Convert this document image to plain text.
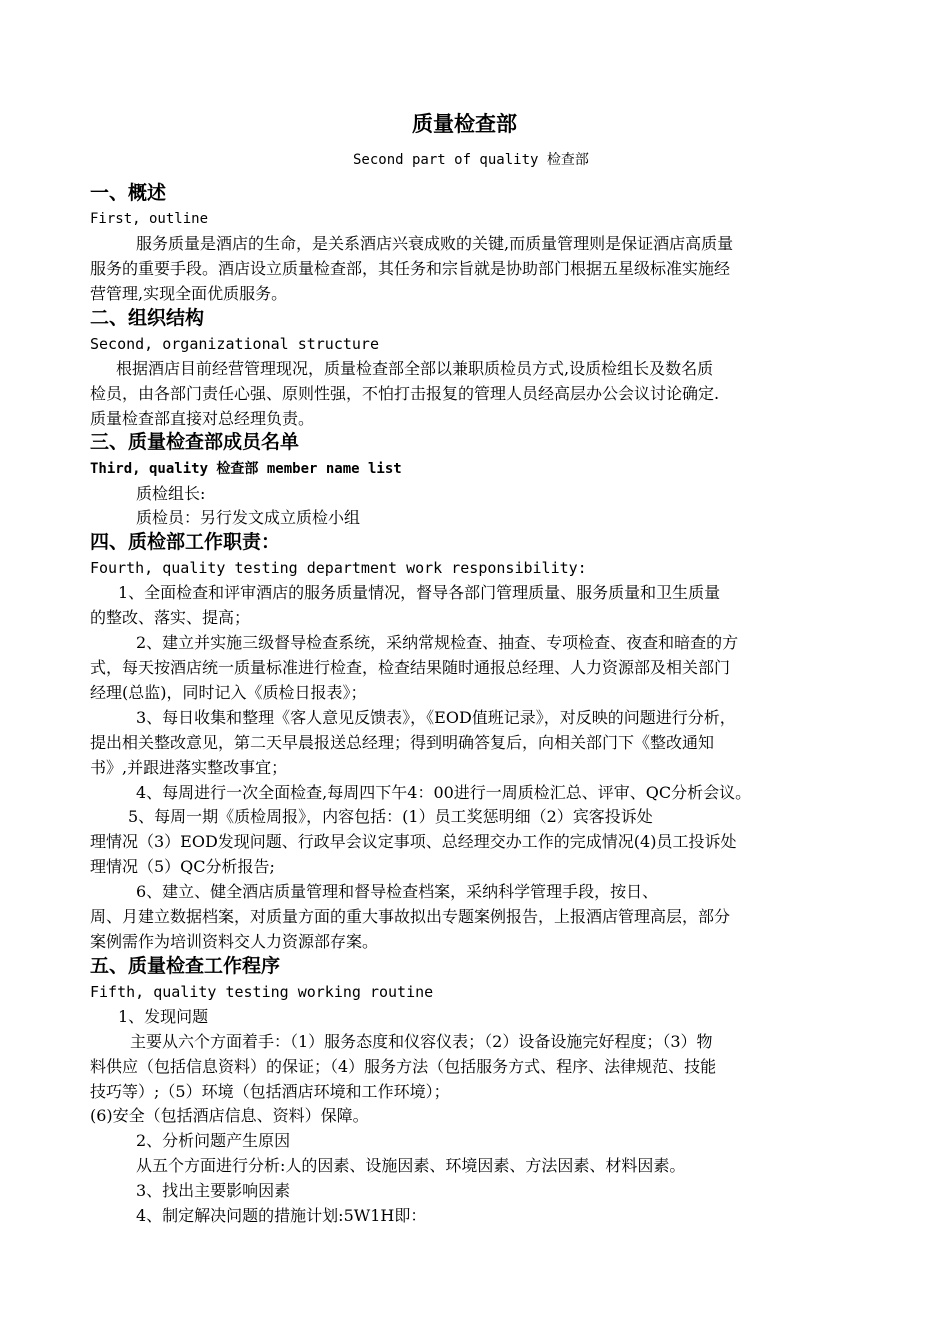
质量检查部
Second part of quality 检查部
一、概述
First, outline
服务质量是酒店的生命，是关系酒店兴衰成败的关键,而质量管理则是保证酒店高质量
服务的重要手段。酒店设立质量检查部，其任务和宗旨就是协助部门根据五星级标准实施经
营管理,实现全面优质服务。
二、组织结构
Second, organizational structure
根据酒店目前经营管理现况，质量检查部全部以兼职质检员方式,设质检组长及数名质
检员，由各部门责任心强、原则性强，不怕打击报复的管理人员经高层办公会议讨论确定.
质量检查部直接对总经理负责。
三、质量检查部成员名单
Third, quality 检查部 member name list
质检组长:
质检员：另行发文成立质检小组
四、质检部工作职责：
Fourth, quality testing department work responsibility:
1、全面检查和评审酒店的服务质量情况，督导各部门管理质量、服务质量和卫生质量
的整改、落实、提高；
2、建立并实施三级督导检查系统，采纳常规检查、抽查、专项检查、夜查和暗查的方
式，每天按酒店统一质量标准进行检查，检查结果随时通报总经理、人力资源部及相关部门
经理(总监)，同时记入《质检日报表》；
3、每日收集和整理《客人意见反馈表》，《EOD值班记录》，对反映的问题进行分析，
提出相关整改意见，第二天早晨报送总经理；得到明确答复后，向相关部门下《整改通知
书》,并跟进落实整改事宜；
4、每周进行一次全面检查,每周四下午4：00进行一周质检汇总、评审、QC分析会议。
5、每周一期《质检周报》，内容包括：(1）员工奖惩明细（2）宾客投诉处
理情况（3）EOD发现问题、行政早会议定事项、总经理交办工作的完成情况(4)员工投诉处
理情况（5）QC分析报告;
6、建立、健全酒店质量管理和督导检查档案，采纳科学管理手段，按日、
周、月建立数据档案，对质量方面的重大事故拟出专题案例报告，上报酒店管理高层，部分
案例需作为培训资料交人力资源部存案。
五、质量检查工作程序
Fifth, quality testing working routine
1、发现问题
主要从六个方面着手：（1）服务态度和仪容仪表；（2）设备设施完好程度；（3）物
料供应（包括信息资料）的保证；（4）服务方法（包括服务方式、程序、法律规范、技能
技巧等）;（5）环境（包括酒店环境和工作环境）；
(6)安全（包括酒店信息、资料）保障。
2、分析问题产生原因
从五个方面进行分析:人的因素、设施因素、环境因素、方法因素、材料因素。
3、找出主要影响因素
4、制定解决问题的措施计划:5W1H即：
